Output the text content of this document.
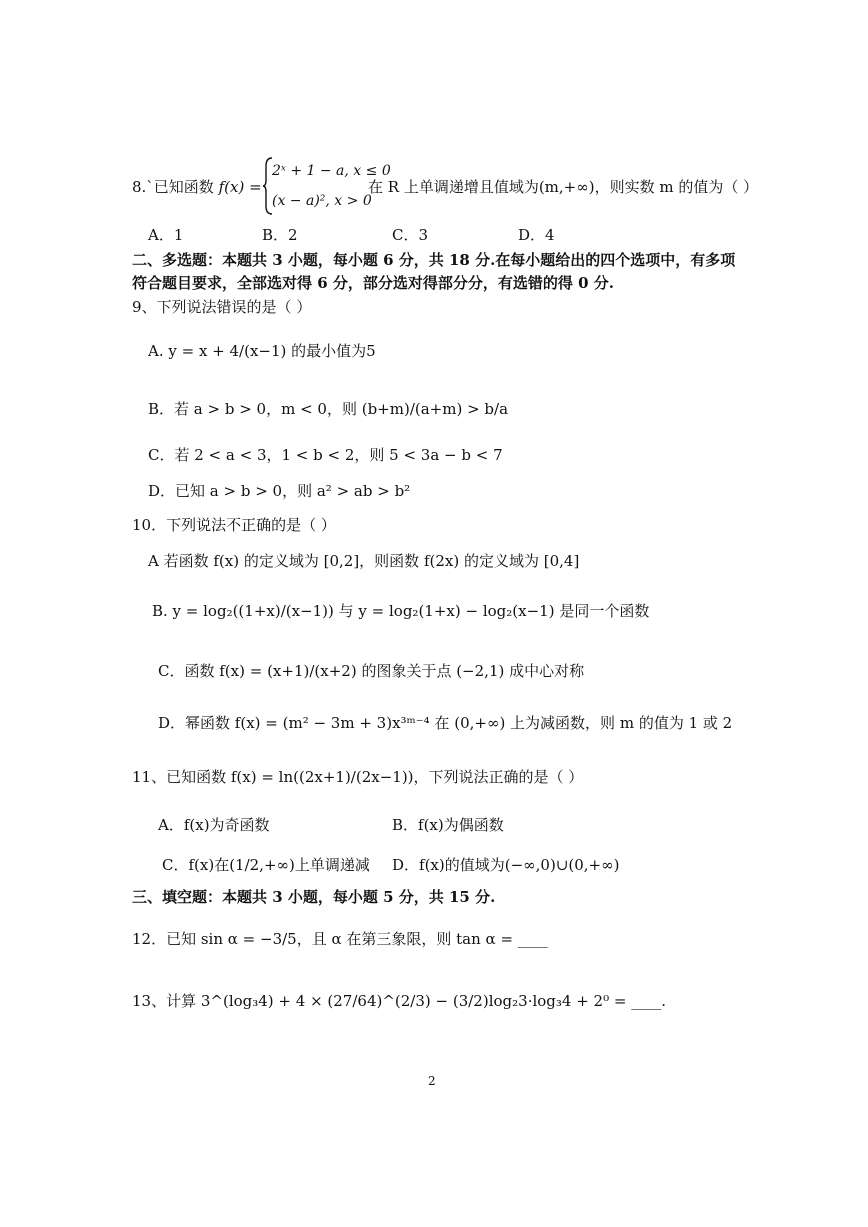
8.`已知函数 f(x) =
2ˣ + 1 − a, x ≤ 0
(x − a)², x > 0
在 R 上单调递增且值域为(m,+∞)，则实数 m 的值为（ ）
A．1	B．2	C．3	D．4
二、多选题：本题共 3 小题，每小题 6 分，共 18 分.在每小题给出的四个选项中，有多项
符合题目要求，全部选对得 6 分，部分选对得部分分，有选错的得 0 分.
9、下列说法错误的是（ ）
A. y = x + 4/(x−1) 的最小值为5
B．若 a > b > 0，m < 0，则 (b+m)/(a+m) > b/a
C．若 2 < a < 3，1 < b < 2，则 5 < 3a − b < 7
D．已知 a > b > 0，则 a² > ab > b²
10．下列说法不正确的是（ ）
A 若函数 f(x) 的定义域为 [0,2]，则函数 f(2x) 的定义域为 [0,4]
B. y = log₂((1+x)/(x−1)) 与 y = log₂(1+x) − log₂(x−1) 是同一个函数
C．函数 f(x) = (x+1)/(x+2) 的图象关于点 (−2,1) 成中心对称
D．幂函数 f(x) = (m² − 3m + 3)x³ᵐ⁻⁴ 在 (0,+∞) 上为减函数，则 m 的值为 1 或 2
11、已知函数 f(x) = ln((2x+1)/(2x−1))，下列说法正确的是（ ）
A．f(x)为奇函数	B．f(x)为偶函数
C．f(x)在(1/2,+∞)上单调递减 D．f(x)的值域为(−∞,0)∪(0,+∞)
三、填空题：本题共 3 小题，每小题 5 分，共 15 分.
12．已知 sin α = −3/5，且 α 在第三象限，则 tan α = ____
13、计算 3^(log₃4) + 4 × (27/64)^(2/3) − (3/2)log₂3·log₃4 + 2⁰ = ____.
2
